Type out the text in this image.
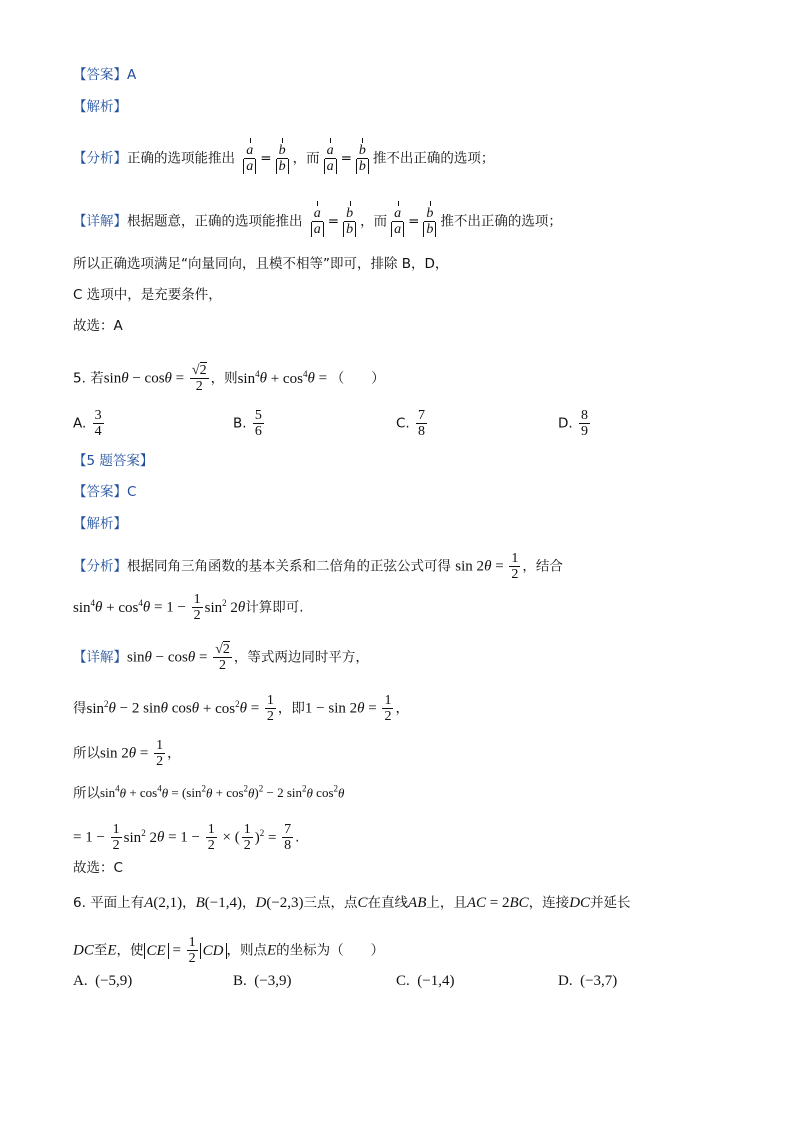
【答案】A
【解析】
【分析】正确的选项能推出 $\frac{a}{a} = \frac{b}{b}$ ，而 $\frac{a}{a} = \frac{b}{b}$ 推不出正确的选项；
【详解】根据题意，正确的选项能推出 $\frac{a}{a} = \frac{b}{b}$ ，而 $\frac{a}{a} = \frac{b}{b}$ 推不出正确的选项；
所以正确选项满足“向量同向，且模不相等”即可，排除 B，D，
C 选项中，是充要条件，
故选：A
5. 若$\sin\theta - \cos\theta = \frac{√2}{2}$ ，则$\sin^4\theta + \cos^4\theta$ = （　　）
A. $\frac{3}{4}$	B. $\frac{5}{6}$	C. $\frac{7}{8}$	D. $\frac{8}{9}$
【5 题答案】
【答案】C
【解析】
【分析】根据同角三角函数的基本关系和二倍角的正弦公式可得 $\sin 2\theta = \frac{1}{2}$ ，结合
$\sin^4\theta + \cos^4\theta = 1 - \frac{1}{2} \sin^2 2\theta$计算即可.
【详解】$\sin\theta - \cos\theta = \frac{√2}{2}$ ，等式两边同时平方，
得$\sin^2\theta - 2$ sinθ $\cos\theta + \cos^2\theta = \frac{1}{2}$ ，即$1 - \sin 2\theta = \frac{1}{2}$ ，
所以$\sin 2\theta = \frac{1}{2}$ ，
所以$\sin^4\theta + \cos^4\theta = (\sin^2\theta + \cos^2\theta)^2 - 2$ $\sin^2\theta$ $\cos^2\theta$
= $1 - \frac{1}{2} \sin^2 2\theta = 1 - \frac{1}{2}$ × ( $\frac{1}{2} )^2 = \frac{7}{8}$ .
故选：C
6. 平面上有A(2,1)，B(−1,4)，D(−2,3)三点，点C在直线AB上，且AC = 2BC，连接DC并延长
DC至E，使 CE = $\frac{1}{2}$ CD ，则点E的坐标为（　　）
A. (−5,9)	B. (−3,9)	C. (−1,4)	D. (−3,7)
